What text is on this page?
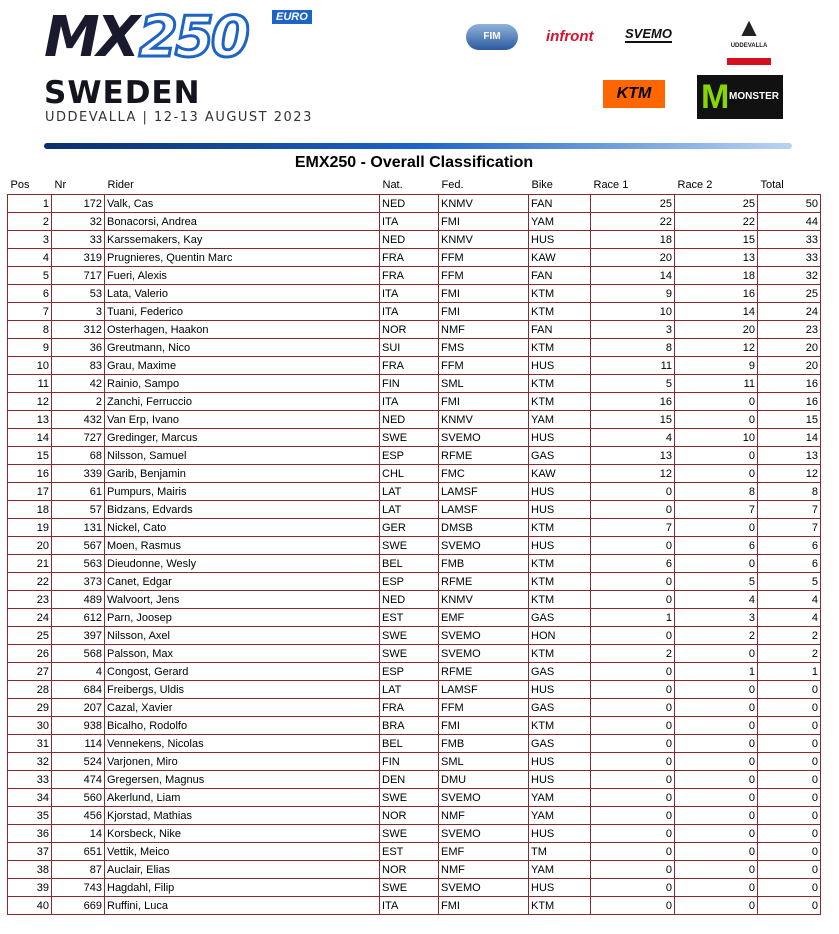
MX250	EURO
SWEDEN
UDDEVALLA | 12-13 AUGUST 2023
FIM	infront SVEMO	▲
UDDEVALLA
KTM	M MONSTER
EMX250 - Overall Classification
Pos	Nr	Rider	Nat.	Fed.	Bike	Race 1	Race 2	Total
1	172	Valk, Cas	NED	KNMV	FAN	25	25	50
2	32	Bonacorsi, Andrea	ITA	FMI	YAM	22	22	44
3	33	Karssemakers, Kay	NED	KNMV	HUS	18	15	33
4	319	Prugnieres, Quentin Marc	FRA	FFM	KAW	20	13	33
5	717	Fueri, Alexis	FRA	FFM	FAN	14	18	32
6	53	Lata, Valerio	ITA	FMI	KTM	9	16	25
7	3	Tuani, Federico	ITA	FMI	KTM	10	14	24
8	312	Osterhagen, Haakon	NOR	NMF	FAN	3	20	23
9	36	Greutmann, Nico	SUI	FMS	KTM	8	12	20
10	83	Grau, Maxime	FRA	FFM	HUS	11	9	20
11	42	Rainio, Sampo	FIN	SML	KTM	5	11	16
12	2	Zanchi, Ferruccio	ITA	FMI	KTM	16	0	16
13	432	Van Erp, Ivano	NED	KNMV	YAM	15	0	15
14	727	Gredinger, Marcus	SWE	SVEMO	HUS	4	10	14
15	68	Nilsson, Samuel	ESP	RFME	GAS	13	0	13
16	339	Garib, Benjamin	CHL	FMC	KAW	12	0	12
17	61	Pumpurs, Mairis	LAT	LAMSF	HUS	0	8	8
18	57	Bidzans, Edvards	LAT	LAMSF	HUS	0	7	7
19	131	Nickel, Cato	GER	DMSB	KTM	7	0	7
20	567	Moen, Rasmus	SWE	SVEMO	HUS	0	6	6
21	563	Dieudonne, Wesly	BEL	FMB	KTM	6	0	6
22	373	Canet, Edgar	ESP	RFME	KTM	0	5	5
23	489	Walvoort, Jens	NED	KNMV	KTM	0	4	4
24	612	Parn, Joosep	EST	EMF	GAS	1	3	4
25	397	Nilsson, Axel	SWE	SVEMO	HON	0	2	2
26	568	Palsson, Max	SWE	SVEMO	KTM	2	0	2
27	4	Congost, Gerard	ESP	RFME	GAS	0	1	1
28	684	Freibergs, Uldis	LAT	LAMSF	HUS	0	0	0
29	207	Cazal, Xavier	FRA	FFM	GAS	0	0	0
30	938	Bicalho, Rodolfo	BRA	FMI	KTM	0	0	0
31	114	Vennekens, Nicolas	BEL	FMB	GAS	0	0	0
32	524	Varjonen, Miro	FIN	SML	HUS	0	0	0
33	474	Gregersen, Magnus	DEN	DMU	HUS	0	0	0
34	560	Akerlund, Liam	SWE	SVEMO	YAM	0	0	0
35	456	Kjorstad, Mathias	NOR	NMF	YAM	0	0	0
36	14	Korsbeck, Nike	SWE	SVEMO	HUS	0	0	0
37	651	Vettik, Meico	EST	EMF	TM	0	0	0
38	87	Auclair, Elias	NOR	NMF	YAM	0	0	0
39	743	Hagdahl, Filip	SWE	SVEMO	HUS	0	0	0
40	669	Ruffini, Luca	ITA	FMI	KTM	0	0	0
